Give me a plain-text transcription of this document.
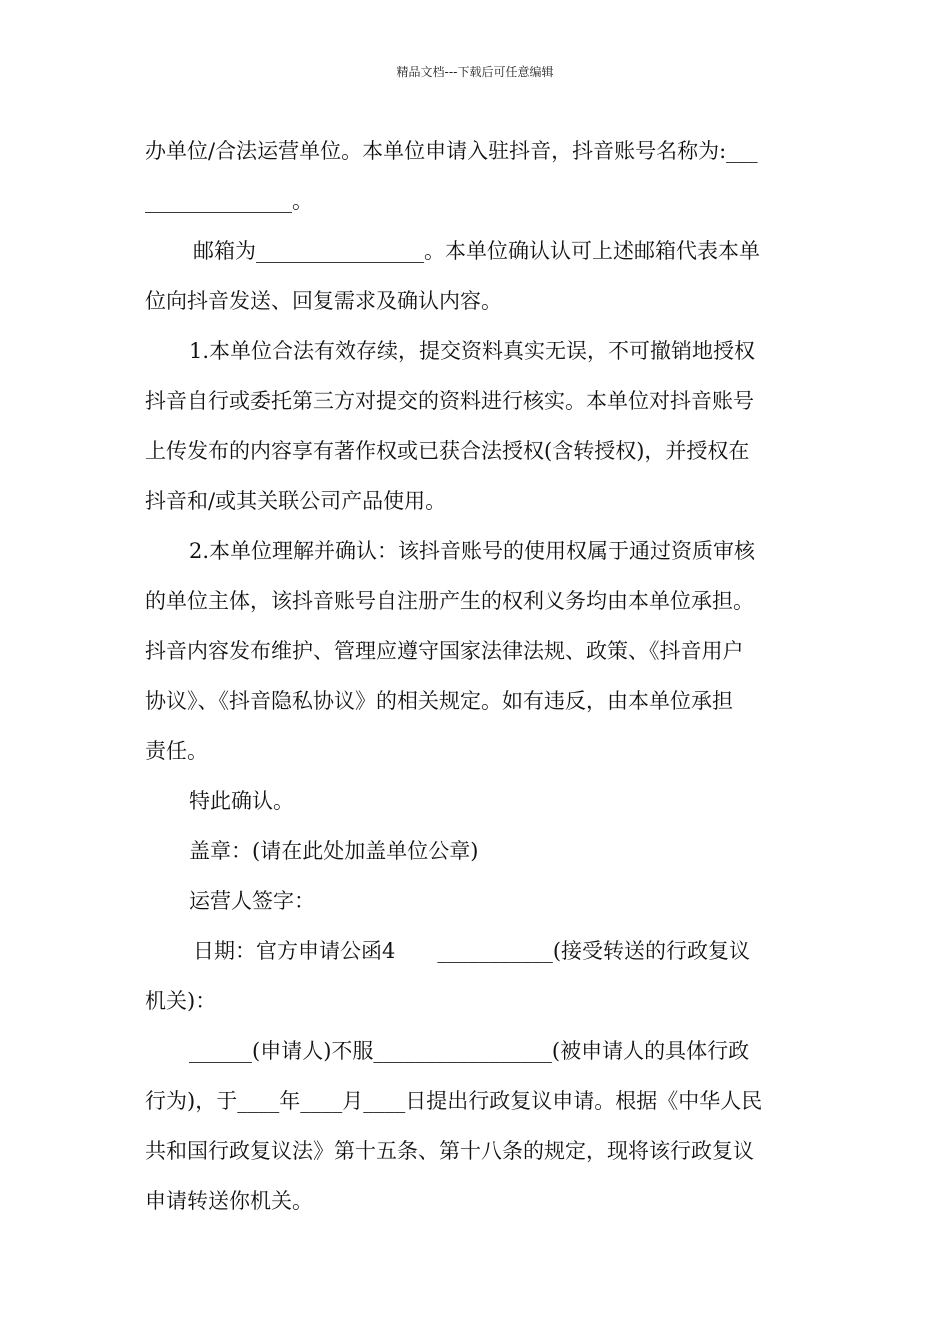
精品文档---下载后可任意编辑
办单位/合法运营单位。本单位申请入驻抖音，抖音账号名称为:___
______________。
邮箱为________________。本单位确认认可上述邮箱代表本单
位向抖音发送、回复需求及确认内容。
1.本单位合法有效存续，提交资料真实无误，不可撤销地授权
抖音自行或委托第三方对提交的资料进行核实。本单位对抖音账号
上传发布的内容享有著作权或已获合法授权(含转授权)，并授权在
抖音和/或其关联公司产品使用。
2.本单位理解并确认：该抖音账号的使用权属于通过资质审核
的单位主体，该抖音账号自注册产生的权利义务均由本单位承担。
抖音内容发布维护、管理应遵守国家法律法规、政策、《抖音用户
协议》、《抖音隐私协议》的相关规定。如有违反，由本单位承担
责任。
特此确认。
盖章：(请在此处加盖单位公章)
运营人签字：
日期：官方申请公函4　　___________(接受转送的行政复议
机关)：
______(申请人)不服_________________(被申请人的具体行政
行为)，于____年____月____日提出行政复议申请。根据《中华人民
共和国行政复议法》第十五条、第十八条的规定，现将该行政复议
申请转送你机关。
